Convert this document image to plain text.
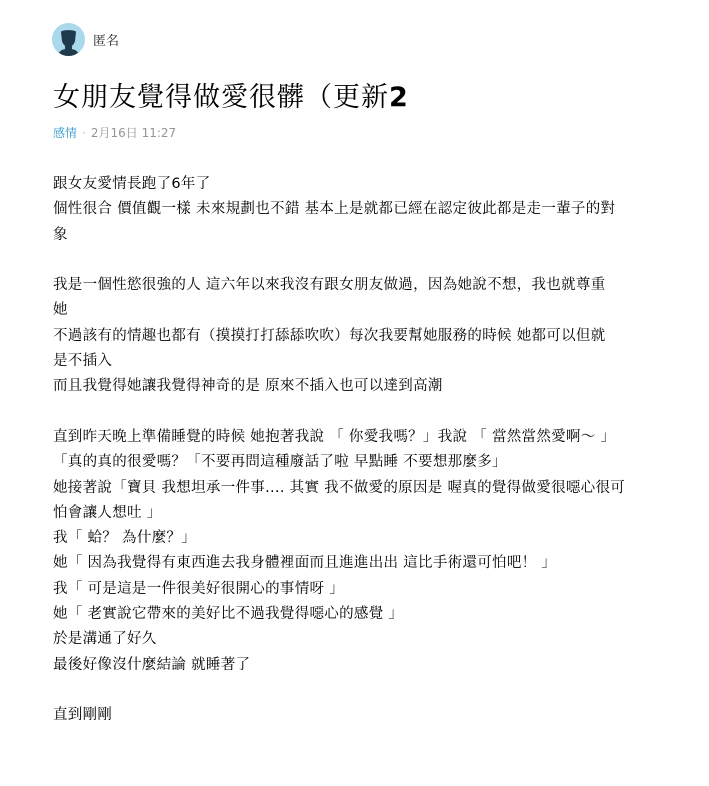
匿名
女朋友覺得做愛很髒（更新2
感情 · 2月16日 11:27
跟女友愛情長跑了6年了
個性很合 價值觀一樣 未來規劃也不錯 基本上是就都已經在認定彼此都是走一輩子的對
象
我是一個性慾很強的人 這六年以來我沒有跟女朋友做過，因為她說不想，我也就尊重
她
不過該有的情趣也都有（摸摸打打舔舔吹吹）每次我要幫她服務的時候 她都可以但就
是不插入
而且我覺得她讓我覺得神奇的是 原來不插入也可以達到高潮
直到昨天晚上準備睡覺的時候 她抱著我說 「 你愛我嗎？」我說 「 當然當然愛啊～ 」
「真的真的很愛嗎？「不要再問這種廢話了啦 早點睡 不要想那麼多」
她接著說「寶貝 我想坦承一件事.... 其實 我不做愛的原因是 喔真的覺得做愛很噁心很可
怕會讓人想吐 」
我「 蛤？ 為什麼？」
她「 因為我覺得有東西進去我身體裡面而且進進出出 這比手術還可怕吧！ 」
我「 可是這是一件很美好很開心的事情呀 」
她「 老實說它帶來的美好比不過我覺得噁心的感覺 」
於是溝通了好久
最後好像沒什麼結論 就睡著了
直到剛剛
